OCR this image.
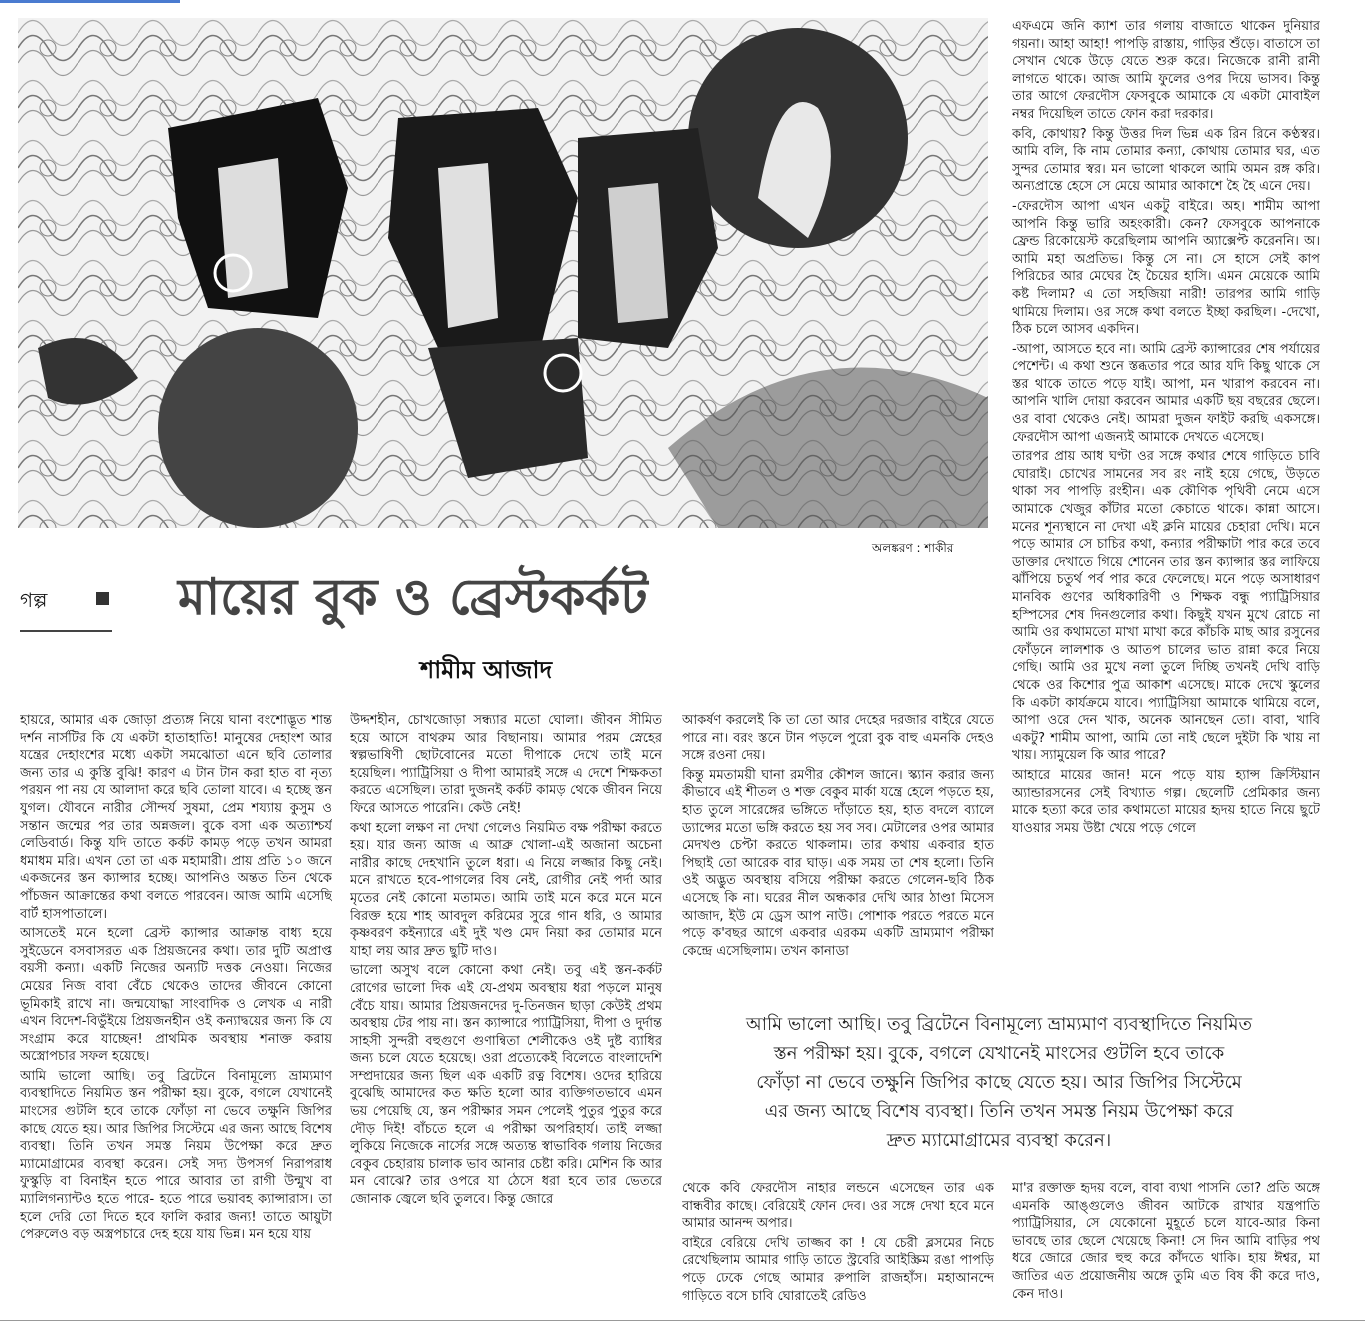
অলঙ্করণ : শাকীর
গল্প	মায়ের বুক ও ব্রেস্টকর্কট
শামীম আজাদ

হায়রে, আমার এক জোড়া প্রত্যঙ্গ নিয়ে ঘানা বংশোদ্ভূত শান্ত দর্শন নার্সটির কি যে একটা হাতাহাতি! মানুষের দেহাংশ আর যন্ত্রের দেহাংশের মধ্যে একটা সমঝোতা এনে ছবি তোলার জন্য তার এ কুস্তি বুঝি! কারণ এ টান টান করা হাত বা নৃত্য পরয়ন পা নয় যে আলাদা করে ছবি তোলা যাবে। এ হচ্ছে স্তন যুগল। যৌবনে নারীর সৌন্দর্য সুষমা, প্রেম শয্যায় কুসুম ও সন্তান জন্মের পর তার অন্নজল। বুকে বসা এক অত্যাশ্চর্য লেডিবার্ড। কিন্তু যদি তাতে কর্কট কামড় পড়ে তখন আমরা ধমাধম মরি। এখন তো তা এক মহামারী। প্রায় প্রতি ১০ জনে একজনের স্তন ক্যান্সার হচ্ছে। আপনিও অন্তত তিন থেকে পাঁচজন আক্রান্তের কথা বলতে পারবেন। আজ আমি এসেছি বার্ট হাসপাতালে।

আসতেই মনে হলো ব্রেস্ট ক্যান্সার আক্রান্ত বাধ্য হয়ে সুইডেনে বসবাসরত এক প্রিয়জনের কথা। তার দুটি অপ্রাপ্ত বয়সী কন্যা। একটি নিজের অন্যটি দত্তক নেওয়া। নিজের মেয়ের নিজ বাবা বেঁচে থেকেও তাদের জীবনে কোনো ভূমিকাই রাখে না। জন্মযোদ্ধা সাংবাদিক ও লেখক এ নারী এখন বিদেশ-বিভুঁইয়ে প্রিয়জনহীন ওই কন্যাদ্বয়ের জন্য কি যে সংগ্রাম করে যাচ্ছেন! প্রাথমিক অবস্থায় শনাক্ত করায় অস্ত্রোপচার সফল হয়েছে।

আমি ভালো আছি। তবু ব্রিটেনে বিনামূল্যে ভ্রাম্যমাণ ব্যবস্থাদিতে নিয়মিত স্তন পরীক্ষা হয়। বুকে, বগলে যেখানেই মাংসের গুটলি হবে তাকে ফোঁড়া না ভেবে তক্ষুনি জিপির কাছে যেতে হয়। আর জিপির সিস্টেমে এর জন্য আছে বিশেষ ব্যবস্থা। তিনি তখন সমস্ত নিয়ম উপেক্ষা করে দ্রুত ম্যামোগ্রামের ব্যবস্থা করেন। সেই সদ্য উপসর্গ নিরাপরাধ ফুস্কুড়ি বা বিনাইন হতে পারে আবার তা রাগী উন্মুখ বা ম্যালিগন্যান্টও হতে পারে- হতে পারে ভয়াবহ ক্যান্সারাস। তা হলে দেরি তো দিতে হবে ফালি করার জন্য! তাতে আয়ুটা পেরুলেও বড় অস্ত্রপচারে দেহ হয়ে যায় ভিন্ন। মন হয়ে যায়

উদ্দশহীন, চোখজোড়া সন্ধ্যার মতো ঘোলা। জীবন সীমিত হয়ে আসে বাথরুম আর বিছানায়। আমার পরম স্নেহের স্বল্পভাষিণী ছোটবোনের মতো দীপাকে দেখে তাই মনে হয়েছিল। প্যাট্রিসিয়া ও দীপা আমারই সঙ্গে এ দেশে শিক্ষকতা করতে এসেছিল। তারা দুজনই কর্কট কামড় থেকে জীবন নিয়ে ফিরে আসতে পারেনি। কেউ নেই!

কথা হলো লক্ষণ না দেখা গেলেও নিয়মিত বক্ষ পরীক্ষা করতে হয়। যার জন্য আজ এ আব্রু খোলা-এই অজানা অচেনা নারীর কাছে দেহখানি তুলে ধরা। এ নিয়ে লজ্জার কিছু নেই। মনে রাখতে হবে-পাগলের বিষ নেই, রোগীর নেই পর্দা আর মৃতের নেই কোনো মতামত। আমি তাই মনে করে মনে মনে বিরক্ত হয়ে শাহ আবদুল করিমের সুরে গান ধরি, ও আমার কৃষ্ণবরণ কইন্যারে এই দুই খণ্ড মেদ নিয়া কর তোমার মনে যাহা লয় আর দ্রুত ছুটি দাও।

ভালো অসুখ বলে কোনো কথা নেই। তবু এই স্তন-কর্কট রোগের ভালো দিক এই যে-প্রথম অবস্থায় ধরা পড়লে মানুষ বেঁচে যায়। আমার প্রিয়জনদের দু-তিনজন ছাড়া কেউই প্রথম অবস্থায় টের পায় না। স্তন ক্যান্সারে প্যাট্রিসিয়া, দীপা ও দুর্দান্ত সাহসী সুন্দরী বহুগুণে গুণান্বিতা শেলীকেও ওই দুষ্ট ব্যাধির জন্য চলে যেতে হয়েছে। ওরা প্রত্যেকেই বিলেতে বাংলাদেশি সম্প্রদায়ের জন্য ছিল এক একটি রত্ন বিশেষ। ওদের হারিয়ে বুঝেছি আমাদের কত ক্ষতি হলো আর ব্যক্তিগতভাবে এমন ভয় পেয়েছি যে, স্তন পরীক্ষার সমন পেলেই পুতুর পুতুর করে দৌড় দিই! বাঁচতে হলে এ পরীক্ষা অপরিহার্য। তাই লজ্জা লুকিয়ে নিজেকে নার্সের সঙ্গে অত্যন্ত স্বাভাবিক গলায় নিজের বেকুব চেহারায় চালাক ভাব আনার চেষ্টা করি। মেশিন কি আর মন বোঝে? তার ওপরে যা ঠেসে ধরা হবে তার ভেতরে জোনাক জ্বেলে ছবি তুলবে। কিন্তু জোরে

আকর্ষণ করলেই কি তা তো আর দেহের দরজার বাইরে যেতে পারে না। বরং স্তনে টান পড়লে পুরো বুক বাহু এমনকি দেহও সঙ্গে রওনা দেয়।

কিন্তু মমতাময়ী ঘানা রমণীর কৌশল জানে। স্ক্যান করার জন্য কীভাবে এই শীতল ও শক্ত বেকুব মার্কা যন্ত্রে হেলে পড়তে হয়, হাত তুলে সারেঙ্গের ভঙ্গিতে দাঁড়াতে হয়, হাত বদলে ব্যালে ড্যান্সের মতো ভঙ্গি করতে হয় সব সব। মেটালের ওপর আমার মেদখণ্ড চেপ্টা করতে থাকলাম। তার কথায় একবার হাত পিছাই তো আরেক বার ঘাড়। এক সময় তা শেষ হলো। তিনি ওই অদ্ভুত অবস্থায় বসিয়ে পরীক্ষা করতে গেলেন-ছবি ঠিক এসেছে কি না। ঘরের নীল অন্ধকার দেখি আর ঠাণ্ডা মিসেস আজাদ, ইউ মে ড্রেস আপ নাউ। পোশাক পরতে পরতে মনে পড়ে ক'বছর আগে একবার এরকম একটি ভ্রাম্যমাণ পরীক্ষা কেন্দ্রে এসেছিলাম। তখন কানাডা

আমি ভালো আছি। তবু ব্রিটেনে বিনামূল্যে ভ্রাম্যমাণ ব্যবস্থাদিতে নিয়মিত
স্তন পরীক্ষা হয়। বুকে, বগলে যেখানেই মাংসের গুটলি হবে তাকে
ফোঁড়া না ভেবে তক্ষুনি জিপির কাছে যেতে হয়। আর জিপির সিস্টেমে
এর জন্য আছে বিশেষ ব্যবস্থা। তিনি তখন সমস্ত নিয়ম উপেক্ষা করে
দ্রুত ম্যামোগ্রামের ব্যবস্থা করেন।

থেকে কবি ফেরদৌস নাহার লন্ডনে এসেছেন তার এক বান্ধবীর কাছে। বেরিয়েই ফোন দেব। ওর সঙ্গে দেখা হবে মনে আমার আনন্দ অপার।

বাইরে বেরিয়ে দেখি তাজ্জব কা ! যে চেরী ব্লসমের নিচে রেখেছিলাম আমার গাড়ি তাতে স্ট্রবেরি আইস্ক্রিম রঙা পাপড়ি পড়ে ঢেকে গেছে আমার রুপালি রাজহাঁস। মহাআনন্দে গাড়িতে বসে চাবি ঘোরাতেই রেডিও

এফএমে জনি ক্যাশ তার গলায় বাজাতে থাকেন দুনিয়ার গয়না। আহা আহা! পাপড়ি রাস্তায়, গাড়ির শুঁড়ে। বাতাসে তা সেখান থেকে উড়ে যেতে শুরু করে। নিজেকে রানী রানী লাগতে থাকে। আজ আমি ফুলের ওপর দিয়ে ভাসব। কিন্তু তার আগে ফেরদৌস ফেসবুকে আমাকে যে একটা মোবাইল নম্বর দিয়েছিল তাতে ফোন করা দরকার।

কবি, কোথায়? কিন্তু উত্তর দিল ভিন্ন এক রিন রিনে কণ্ঠস্বর। আমি বলি, কি নাম তোমার কন্যা, কোথায় তোমার ঘর, এত সুন্দর তোমার স্বর। মন ভালো থাকলে আমি অমন রঙ্গ করি। অন্যপ্রান্তে হেসে সে মেয়ে আমার আকাশে হৈ হৈ এনে দেয়।

-ফেরদৌস আপা এখন একটু বাইরে। অহ। শামীম আপা আপনি কিন্তু ভারি অহংকারী। কেন? ফেসবুকে আপনাকে ফ্রেন্ড রিকোয়েস্ট করেছিলাম আপনি অ্যাক্সেপ্ট করেননি। অ। আমি মহা অপ্রতিভ। কিন্তু সে না। সে হাসে সেই কাপ পিরিচের আর মেঘের হৈ চৈয়ের হাসি। এমন মেয়েকে আমি কষ্ট দিলাম? এ তো সহজিয়া নারী! তারপর আমি গাড়ি থামিয়ে দিলাম। ওর সঙ্গে কথা বলতে ইচ্ছা করছিল। -দেখো, ঠিক চলে আসব একদিন।

-আপা, আসতে হবে না। আমি ব্রেস্ট ক্যান্সারের শেষ পর্যায়ের পেশেন্ট। এ কথা শুনে স্তব্ধতার পরে আর যদি কিছু থাকে সে স্তর থাকে তাতে পড়ে যাই। আপা, মন খারাপ করবেন না। আপনি খালি দোয়া করবেন আমার একটি ছয় বছরের ছেলে। ওর বাবা থেকেও নেই। আমরা দুজন ফাইট করছি একসঙ্গে। ফেরদৌস আপা এজন্যই আমাকে দেখতে এসেছে।

তারপর প্রায় আধ ঘণ্টা ওর সঙ্গে কথার শেষে গাড়িতে চাবি ঘোরাই। চোখের সামনের সব রং নাই হয়ে গেছে, উড়তে থাকা সব পাপড়ি রংহীন। এক কৌণিক পৃথিবী নেমে এসে আমাকে খেজুর কাঁটার মতো কেচাতে থাকে। কান্না আসে। মনের শূন্যস্থানে না দেখা এই ক্লনি মায়ের চেহারা দেখি। মনে পড়ে আমার সে চাচির কথা, কন্যার পরীক্ষাটা পার করে তবে ডাক্তার দেখাতে গিয়ে শোনেন তার স্তন ক্যান্সার স্তর লাফিয়ে ঝাঁপিয়ে চতুর্থ পর্ব পার করে ফেলেছে। মনে পড়ে অসাধারণ মানবিক গুণের অধিকারিণী ও শিক্ষক বন্ধু প্যাট্রিসিয়ার হস্পিসের শেষ দিনগুলোর কথা। কিছুই যখন মুখে রোচে না আমি ওর কথামতো মাখা মাখা করে কাঁচকি মাছ আর রসুনের ফোঁড়নে লালশাক ও আতপ চালের ভাত রান্না করে নিয়ে গেছি। আমি ওর মুখে নলা তুলে দিচ্ছি তখনই দেখি বাড়ি থেকে ওর কিশোর পুত্র আকাশ এসেছে। মাকে দেখে স্কুলের কি একটা কার্যক্রমে যাবে। প্যাট্রিসিয়া আমাকে থামিয়ে বলে, আপা ওরে দেন খাক, অনেক আনছেন তো। বাবা, খাবি একটু? শামীম আপা, আমি তো নাই ছেলে দুইটা কি খায় না খায়। স্যামুয়েল কি আর পারে?

আহারে মায়ের জান! মনে পড়ে যায় হ্যান্স ক্রিস্টিয়ান অ্যান্ডারসনের সেই বিখ্যাত গল্প। ছেলেটি প্রেমিকার জন্য মাকে হত্যা করে তার কথামতো মায়ের হৃদয় হাতে নিয়ে ছুটে যাওয়ার সময় উষ্টা খেয়ে পড়ে গেলে

মা'র রক্তাক্ত হৃদয় বলে, বাবা ব্যথা পাসনি তো? প্রতি অঙ্গে এমনকি আঙ্গুলেও জীবন আটকে রাখার যন্ত্রপাতি প্যাট্রিসিয়ার, সে যেকোনো মুহূর্তে চলে যাবে-আর কিনা ভাবছে তার ছেলে খেয়েছে কিনা! সে দিন আমি বাড়ির পথ ধরে জোরে জোর হুহু করে কাঁদতে থাকি। হায় ঈশ্বর, মা জাতির এত প্রয়োজনীয় অঙ্গে তুমি এত বিষ কী করে দাও, কেন দাও।
